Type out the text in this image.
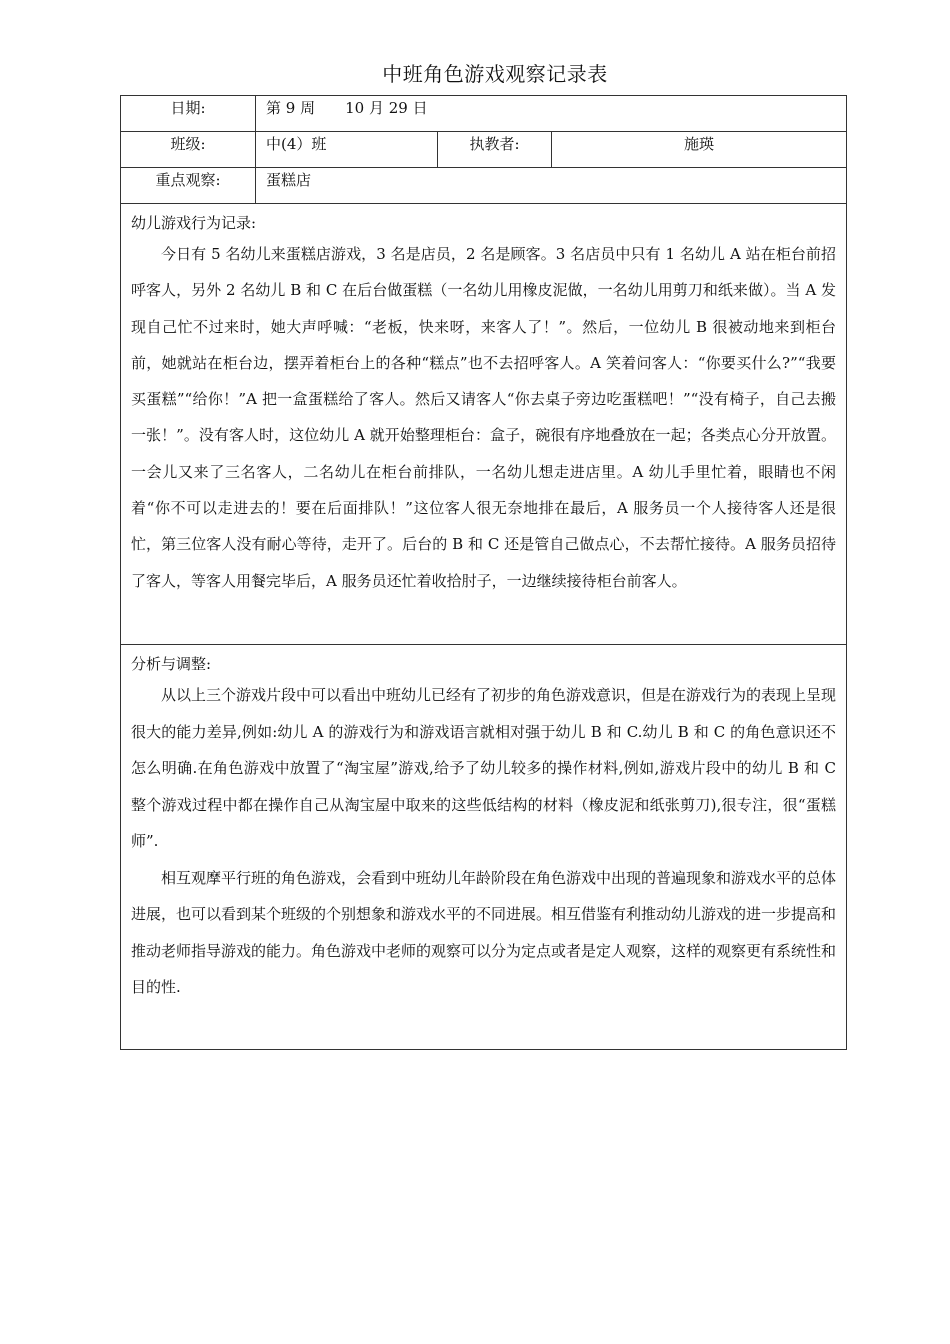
中班角色游戏观察记录表
日期:	第 9 周 10 月 29 日		
班级:	中(4）班	执教者:	施瑛
重点观察:	蛋糕店		

幼儿游戏行为记录:

今日有 5 名幼儿来蛋糕店游戏，3 名是店员，2 名是顾客。3 名店员中只有 1 名幼儿 A 站在柜台前招呼客人，另外 2 名幼儿 B 和 C 在后台做蛋糕（一名幼儿用橡皮泥做，一名幼儿用剪刀和纸来做）。当 A 发现自己忙不过来时，她大声呼喊：“老板，快来呀，来客人了！”。然后，一位幼儿 B 很被动地来到柜台前，她就站在柜台边，摆弄着柜台上的各种“糕点”也不去招呼客人。A 笑着问客人：“你要买什么?”“我要买蛋糕”“给你！”A 把一盒蛋糕给了客人。然后又请客人“你去桌子旁边吃蛋糕吧！”“没有椅子，自己去搬一张！”。没有客人时，这位幼儿 A 就开始整理柜台：盒子，碗很有序地叠放在一起；各类点心分开放置。一会儿又来了三名客人，二名幼儿在柜台前排队，一名幼儿想走进店里。A 幼儿手里忙着，眼睛也不闲着“你不可以走进去的！要在后面排队！”这位客人很无奈地排在最后，A 服务员一个人接待客人还是很忙，第三位客人没有耐心等待，走开了。后台的 B 和 C 还是管自己做点心，不去帮忙接待。A 服务员招待了客人，等客人用餐完毕后，A 服务员还忙着收拾肘子，一边继续接待柜台前客人。			

分析与调整:

从以上三个游戏片段中可以看出中班幼儿已经有了初步的角色游戏意识，但是在游戏行为的表现上呈现很大的能力差异,例如:幼儿 A 的游戏行为和游戏语言就相对强于幼儿 B 和 C.幼儿 B 和 C 的角色意识还不怎么明确.在角色游戏中放置了“淘宝屋”游戏,给予了幼儿较多的操作材料,例如,游戏片段中的幼儿 B 和 C 整个游戏过程中都在操作自己从淘宝屋中取来的这些低结构的材料（橡皮泥和纸张剪刀),很专注，很“蛋糕师”.

相互观摩平行班的角色游戏，会看到中班幼儿年龄阶段在角色游戏中出现的普遍现象和游戏水平的总体进展，也可以看到某个班级的个别想象和游戏水平的不同进展。相互借鉴有利推动幼儿游戏的进一步提高和推动老师指导游戏的能力。角色游戏中老师的观察可以分为定点或者是定人观察，这样的观察更有系统性和目的性.			
